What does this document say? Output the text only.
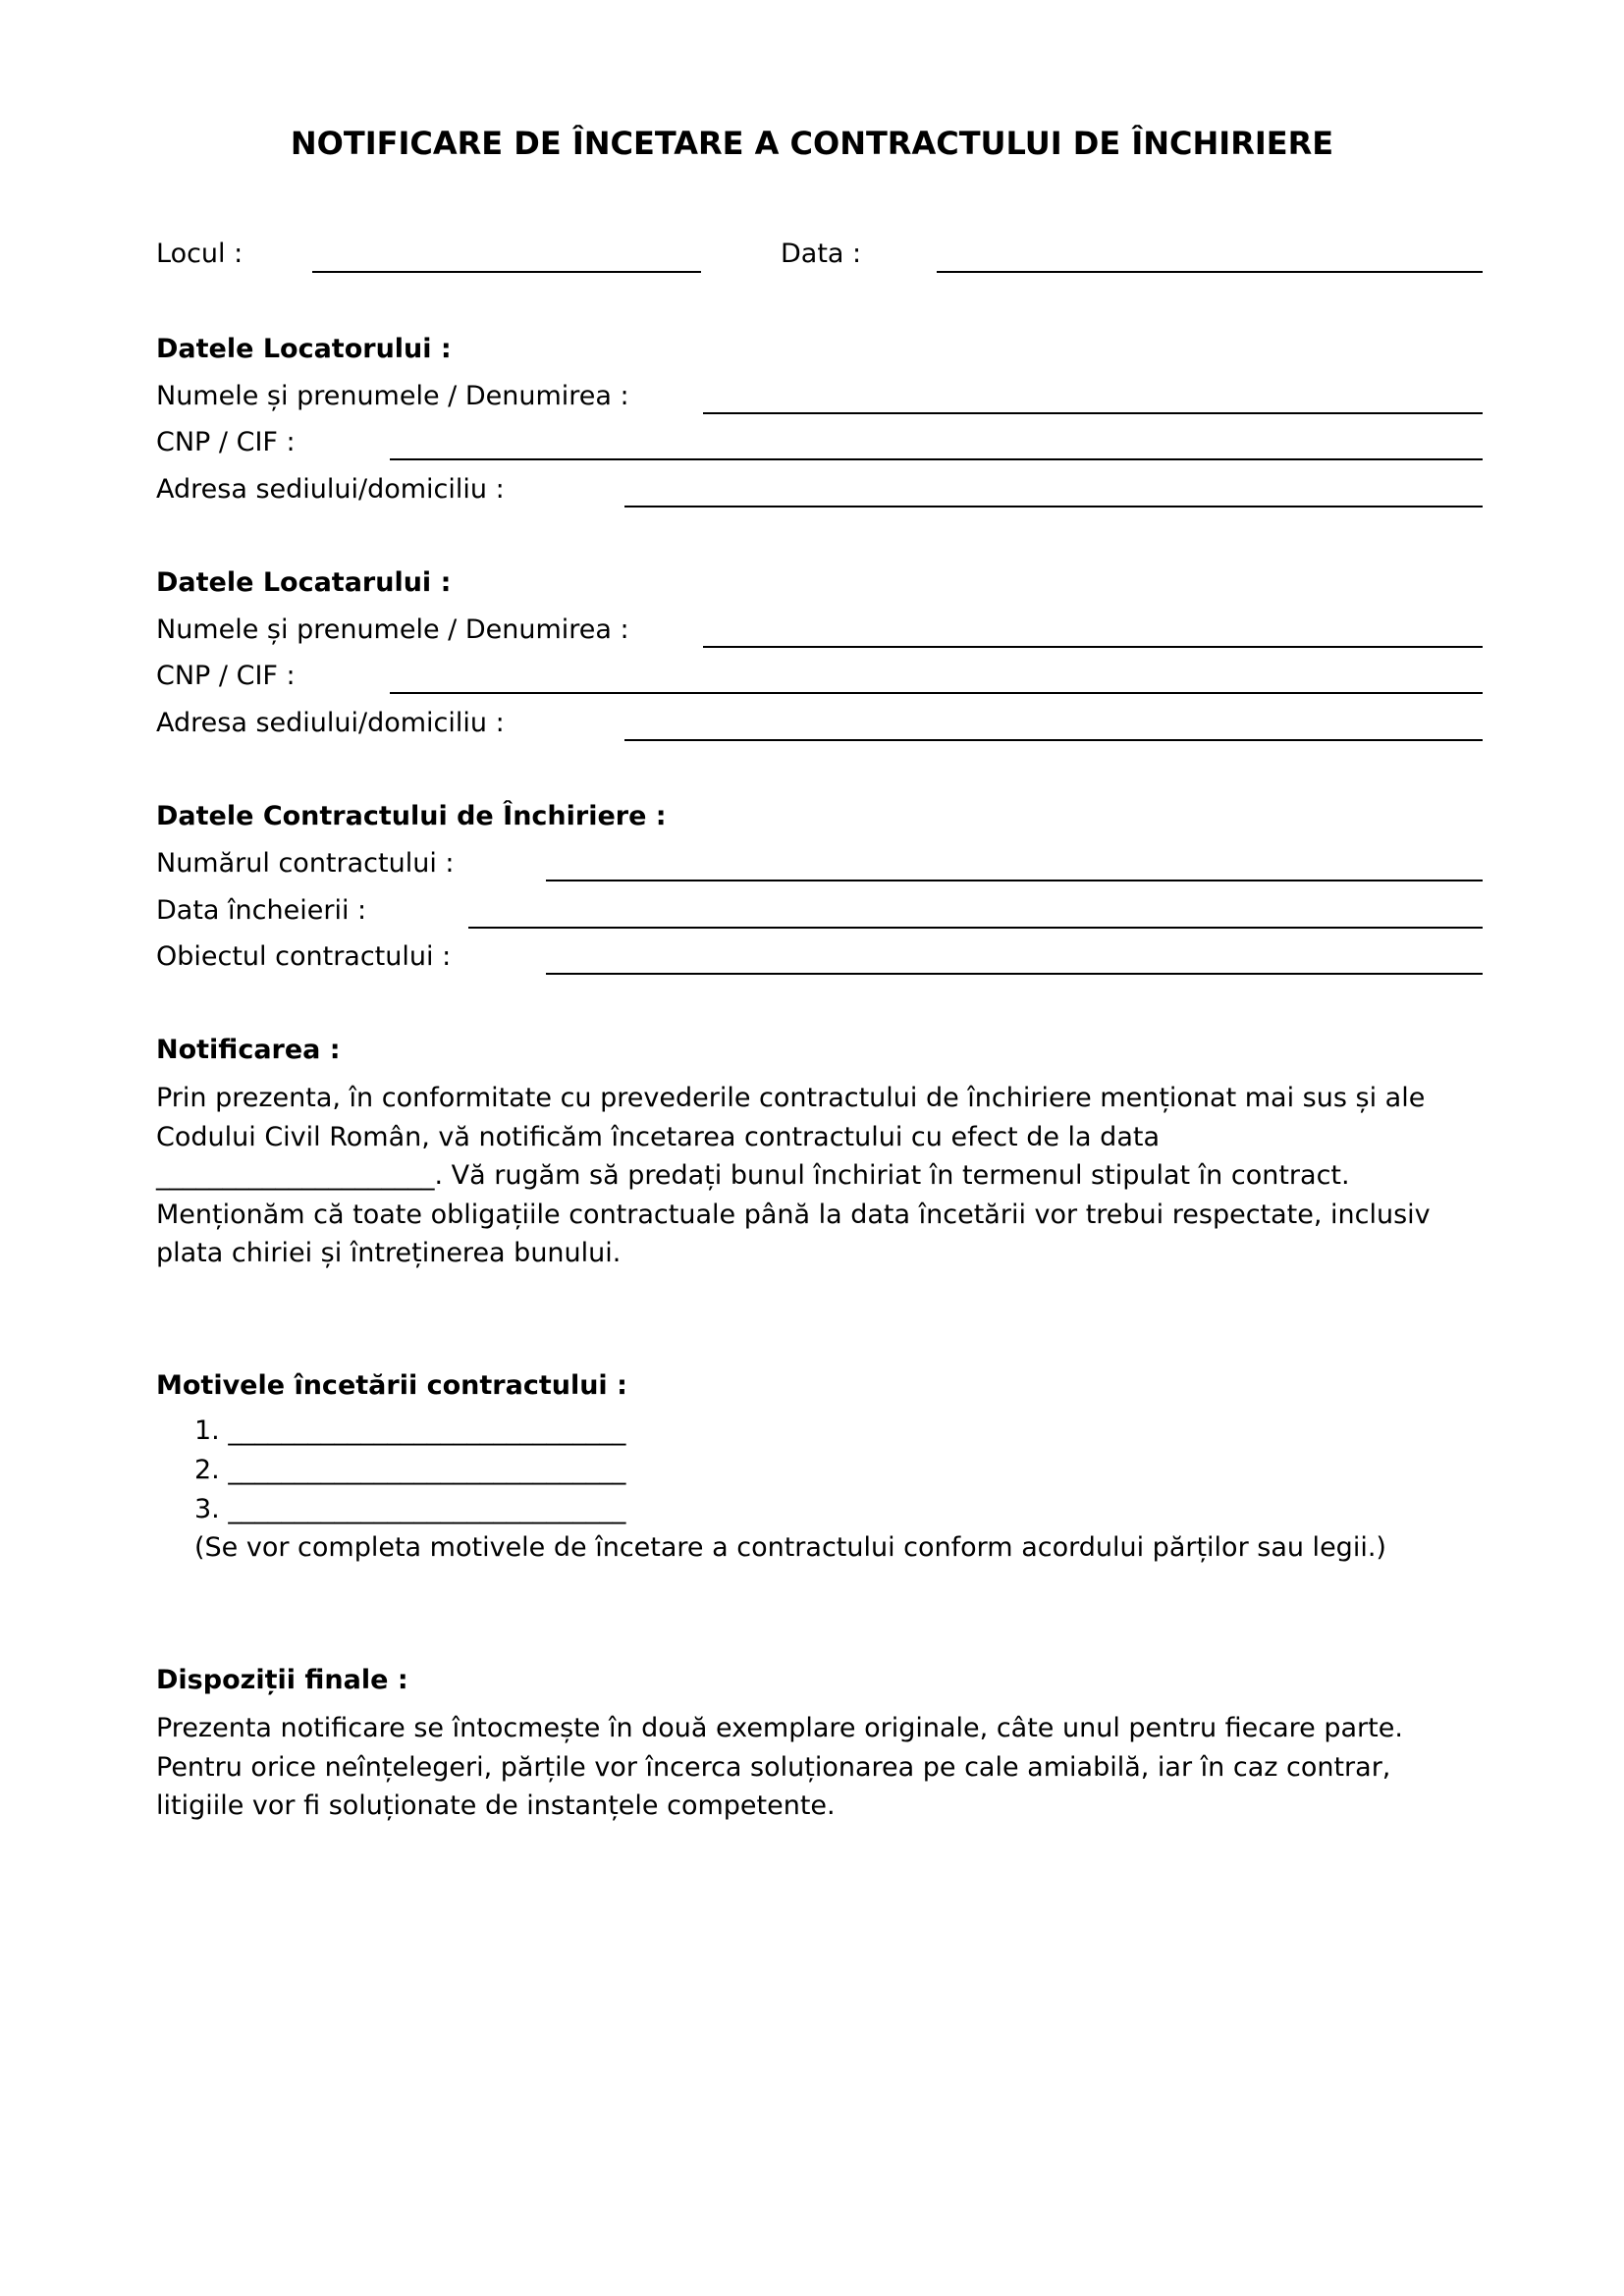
NOTIFICARE DE ÎNCETARE A CONTRACTULUI DE ÎNCHIRIERE
Locul :	Data :
Datele Locatorului :
Numele și prenumele / Denumirea :
CNP / CIF :
Adresa sediului/domiciliu :
Datele Locatarului :
Numele și prenumele / Denumirea :
CNP / CIF :
Adresa sediului/domiciliu :
Datele Contractului de Închiriere :
Numărul contractului :
Data încheierii :
Obiectul contractului :
Notificarea :
Prin prezenta, în conformitate cu prevederile contractului de închiriere menționat mai sus și ale
Codului Civil Român, vă notificăm încetarea contractului cu efect de la data
_____________________. Vă rugăm să predați bunul închiriat în termenul stipulat în contract.
Menționăm că toate obligațiile contractuale până la data încetării vor trebui respectate, inclusiv
plata chiriei și întreținerea bunului.
Motivele încetării contractului :
1. ______________________________
2. ______________________________
3. ______________________________
(Se vor completa motivele de încetare a contractului conform acordului părților sau legii.)
Dispoziții finale :
Prezenta notificare se întocmește în două exemplare originale, câte unul pentru fiecare parte.
Pentru orice neînțelegeri, părțile vor încerca soluționarea pe cale amiabilă, iar în caz contrar,
litigiile vor fi soluționate de instanțele competente.
